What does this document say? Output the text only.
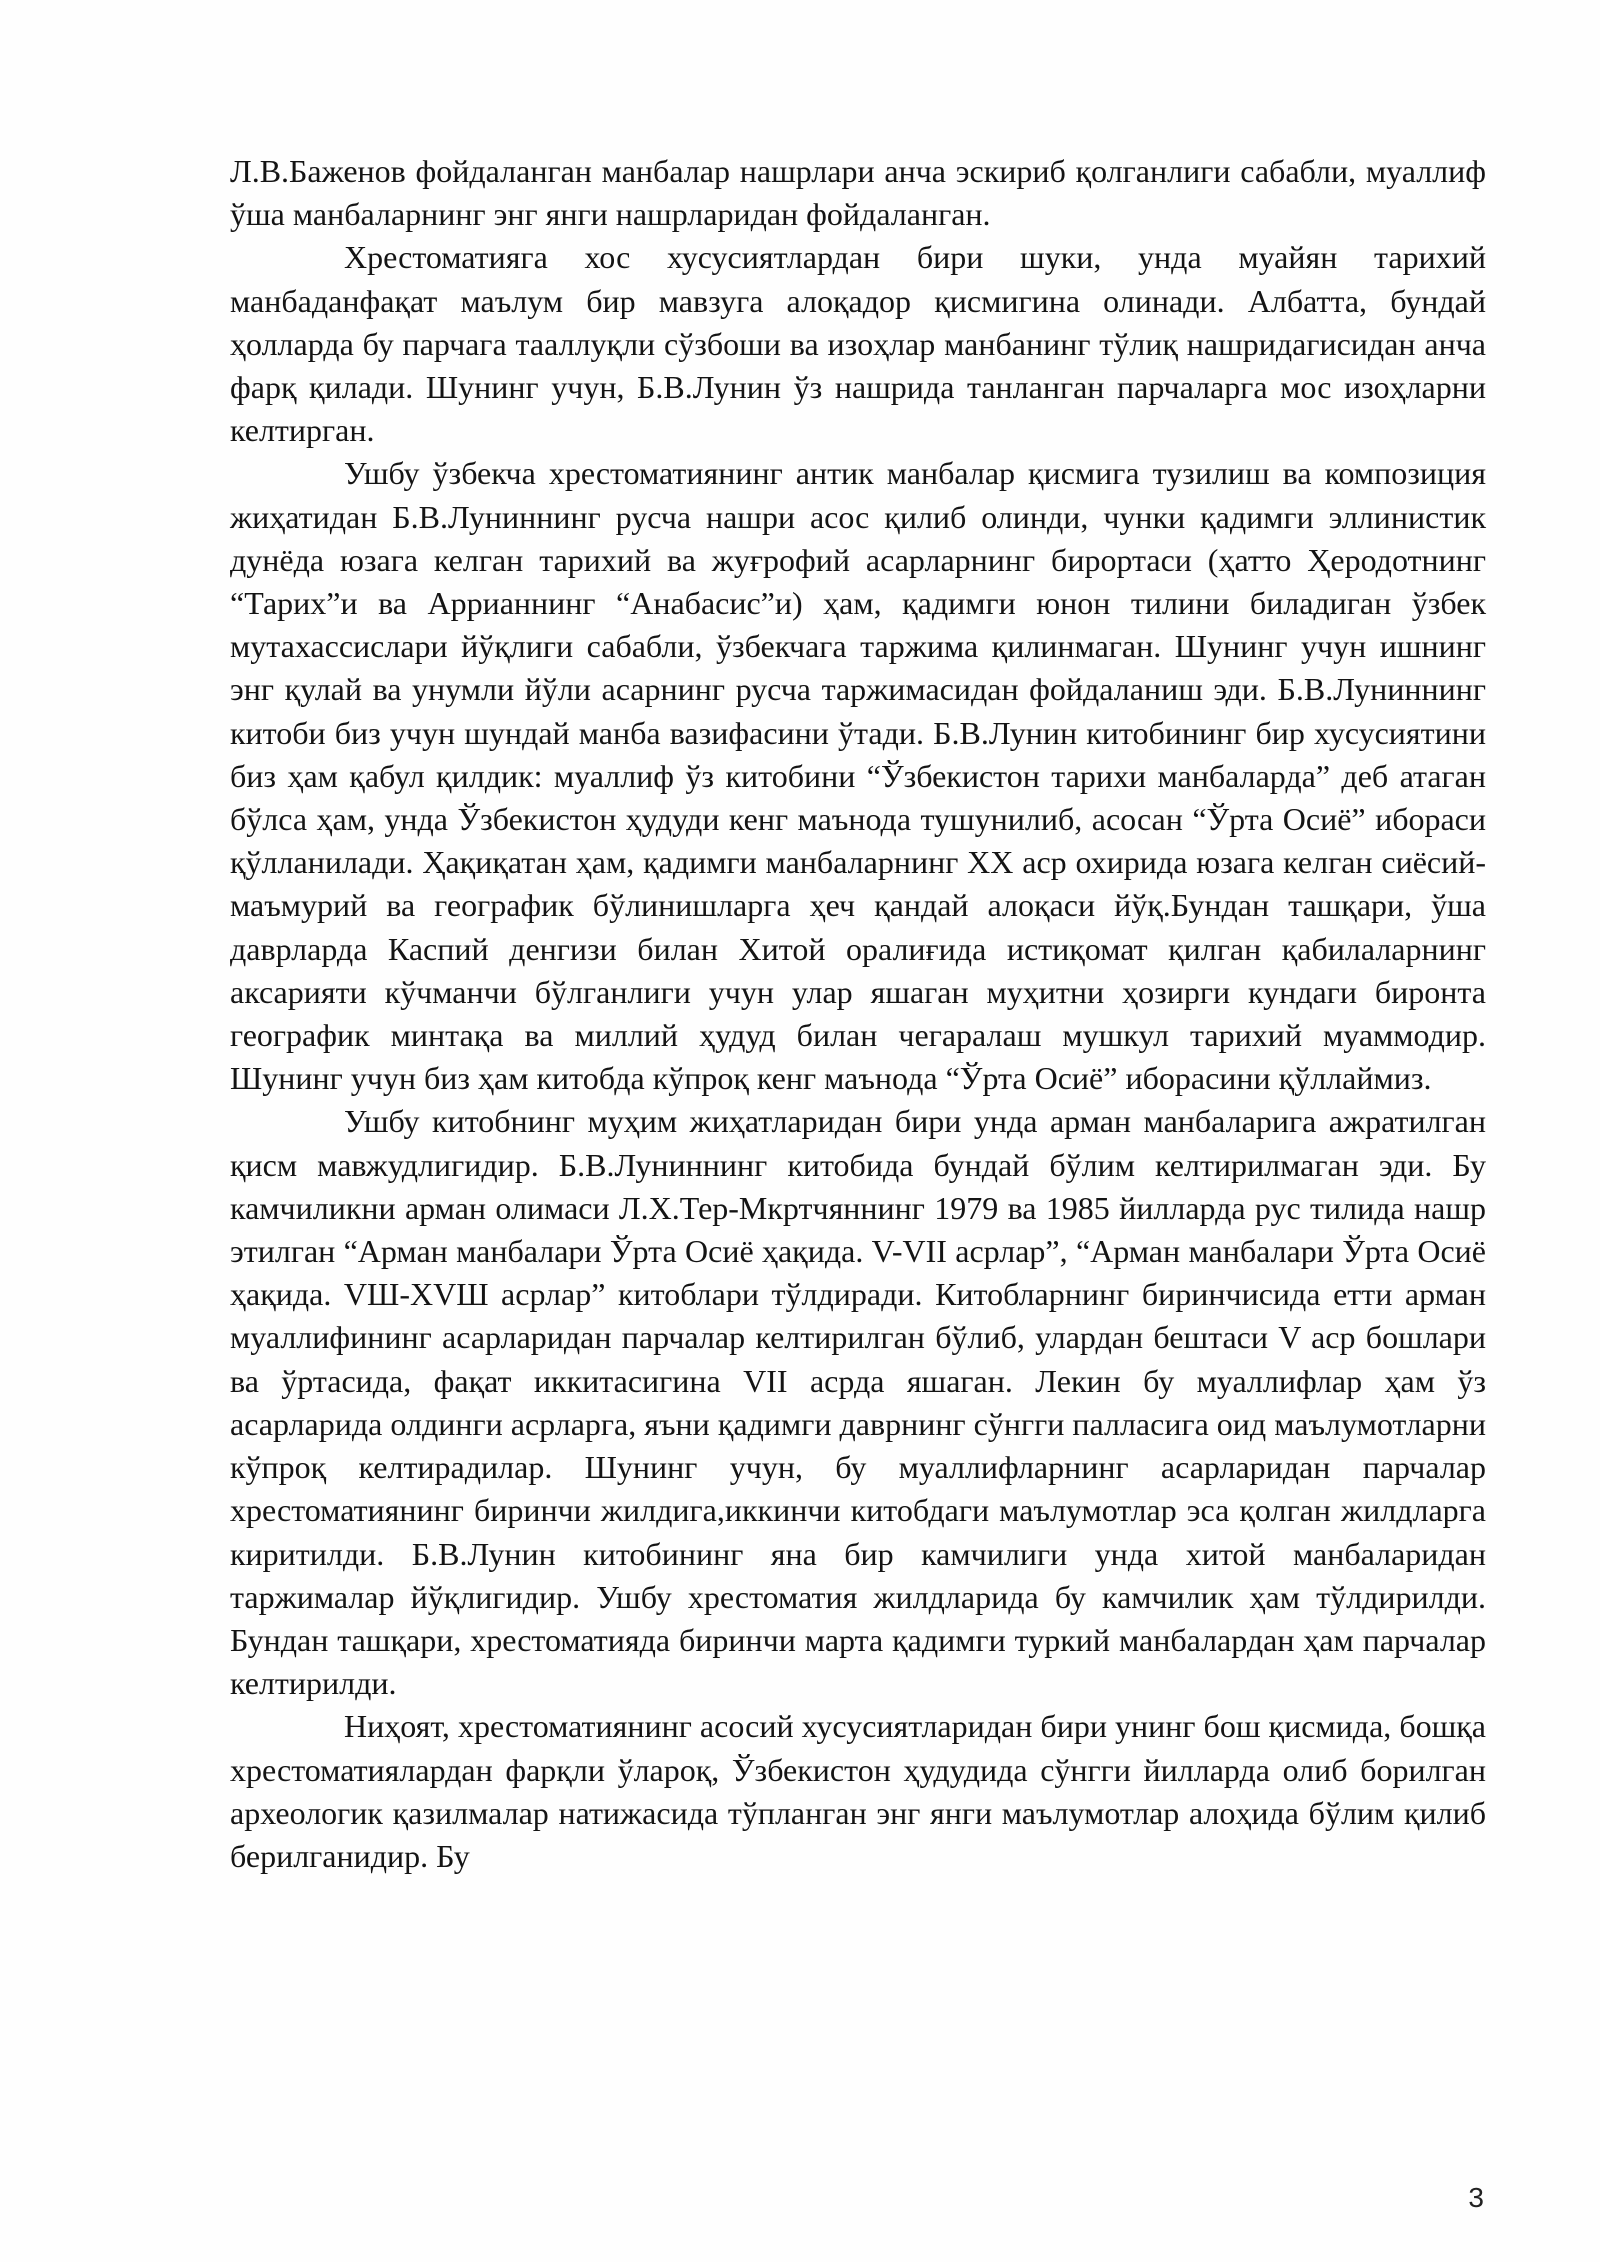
Л.В.Баженов фойдаланган манбалар нашрлари анча эскириб қолганлиги сабабли, муаллиф ўша манбаларнинг энг янги нашрларидан фойдаланган.

Хрестоматияга хос хусусиятлардан бири шуки, унда муайян тарихий манбаданфақат маълум бир мавзуга алоқадор қисмигина олинади. Албатта, бундай ҳолларда бу парчага тааллуқли сўзбоши ва изоҳлар манбанинг тўлиқ нашридагисидан анча фарқ қилади. Шунинг учун, Б.В.Лунин ўз нашрида танланган парчаларга мос изоҳларни келтирган.

Ушбу ўзбекча хрестоматиянинг антик манбалар қисмига тузилиш ва композиция жиҳатидан Б.В.Луниннинг русча нашри асос қилиб олинди, чунки қадимги эллинистик дунёда юзага келган тарихий ва жуғрофий асарларнинг бирортаси (ҳатто Ҳеродотнинг “Тарих”и ва Аррианнинг “Анабасис”и) ҳам, қадимги юнон тилини биладиган ўзбек мутахассислари йўқлиги сабабли, ўзбекчага таржима қилинмаган. Шунинг учун ишнинг энг қулай ва унумли йўли асарнинг русча таржимасидан фойдаланиш эди. Б.В.Луниннинг китоби биз учун шундай манба вазифасини ўтади. Б.В.Лунин китобининг бир хусусиятини биз ҳам қабул қилдик: муаллиф ўз китобини “Ўзбекистон тарихи манбаларда” деб атаган бўлса ҳам, унда Ўзбекистон ҳудуди кенг маънода тушунилиб, асосан “Ўрта Осиё” ибораси қўлланилади. Ҳақиқатан ҳам, қадимги манбаларнинг XX аср охирида юзага келган сиёсий-маъмурий ва географик бўлинишларга ҳеч қандай алоқаси йўқ.Бундан ташқари, ўша даврларда Каспий денгизи билан Хитой оралиғида истиқомат қилган қабилаларнинг аксарияти кўчманчи бўлганлиги учун улар яшаган муҳитни ҳозирги кундаги биронта географик минтақа ва миллий ҳудуд билан чегаралаш мушкул тарихий муаммодир. Шунинг учун биз ҳам китобда кўпроқ кенг маънода “Ўрта Осиё” иборасини қўллаймиз.

Ушбу китобнинг муҳим жиҳатларидан бири унда арман манбаларига ажратилган қисм мавжудлигидир. Б.В.Луниннинг китобида бундай бўлим келтирилмаган эди. Бу камчиликни арман олимаси Л.Х.Тер-Мкртчяннинг 1979 ва 1985 йилларда рус тилида нашр этилган “Арман манбалари Ўрта Осиё ҳақида. V-VII асрлар”, “Арман манбалари Ўрта Осиё ҳақида. VШ-XVШ асрлар” китоблари тўлдиради. Китобларнинг биринчисида етти арман муаллифининг асарларидан парчалар келтирилган бўлиб, улардан бештаси V аср бошлари ва ўртасида, фақат иккитасигина VII асрда яшаган. Лекин бу муаллифлар ҳам ўз асарларида олдинги асрларга, яъни қадимги даврнинг сўнгги палласига оид маълумотларни кўпроқ келтирадилар. Шунинг учун, бу муаллифларнинг асарларидан парчалар хрестоматиянинг биринчи жилдига,иккинчи китобдаги маълумотлар эса қолган жилдларга киритилди. Б.В.Лунин китобининг яна бир камчилиги унда хитой манбаларидан таржималар йўқлигидир. Ушбу хрестоматия жилдларида бу камчилик ҳам тўлдирилди. Бундан ташқари, хрестоматияда биринчи марта қадимги туркий манбалардан ҳам парчалар келтирилди.

Ниҳоят, хрестоматиянинг асосий хусусиятларидан бири унинг бош қисмида, бошқа хрестоматиялардан фарқли ўлароқ, Ўзбекистон ҳудудида сўнгги йилларда олиб борилган археологик қазилмалар натижасида тўпланган энг янги маълумотлар алоҳида бўлим қилиб берилганидир. Бу

3
